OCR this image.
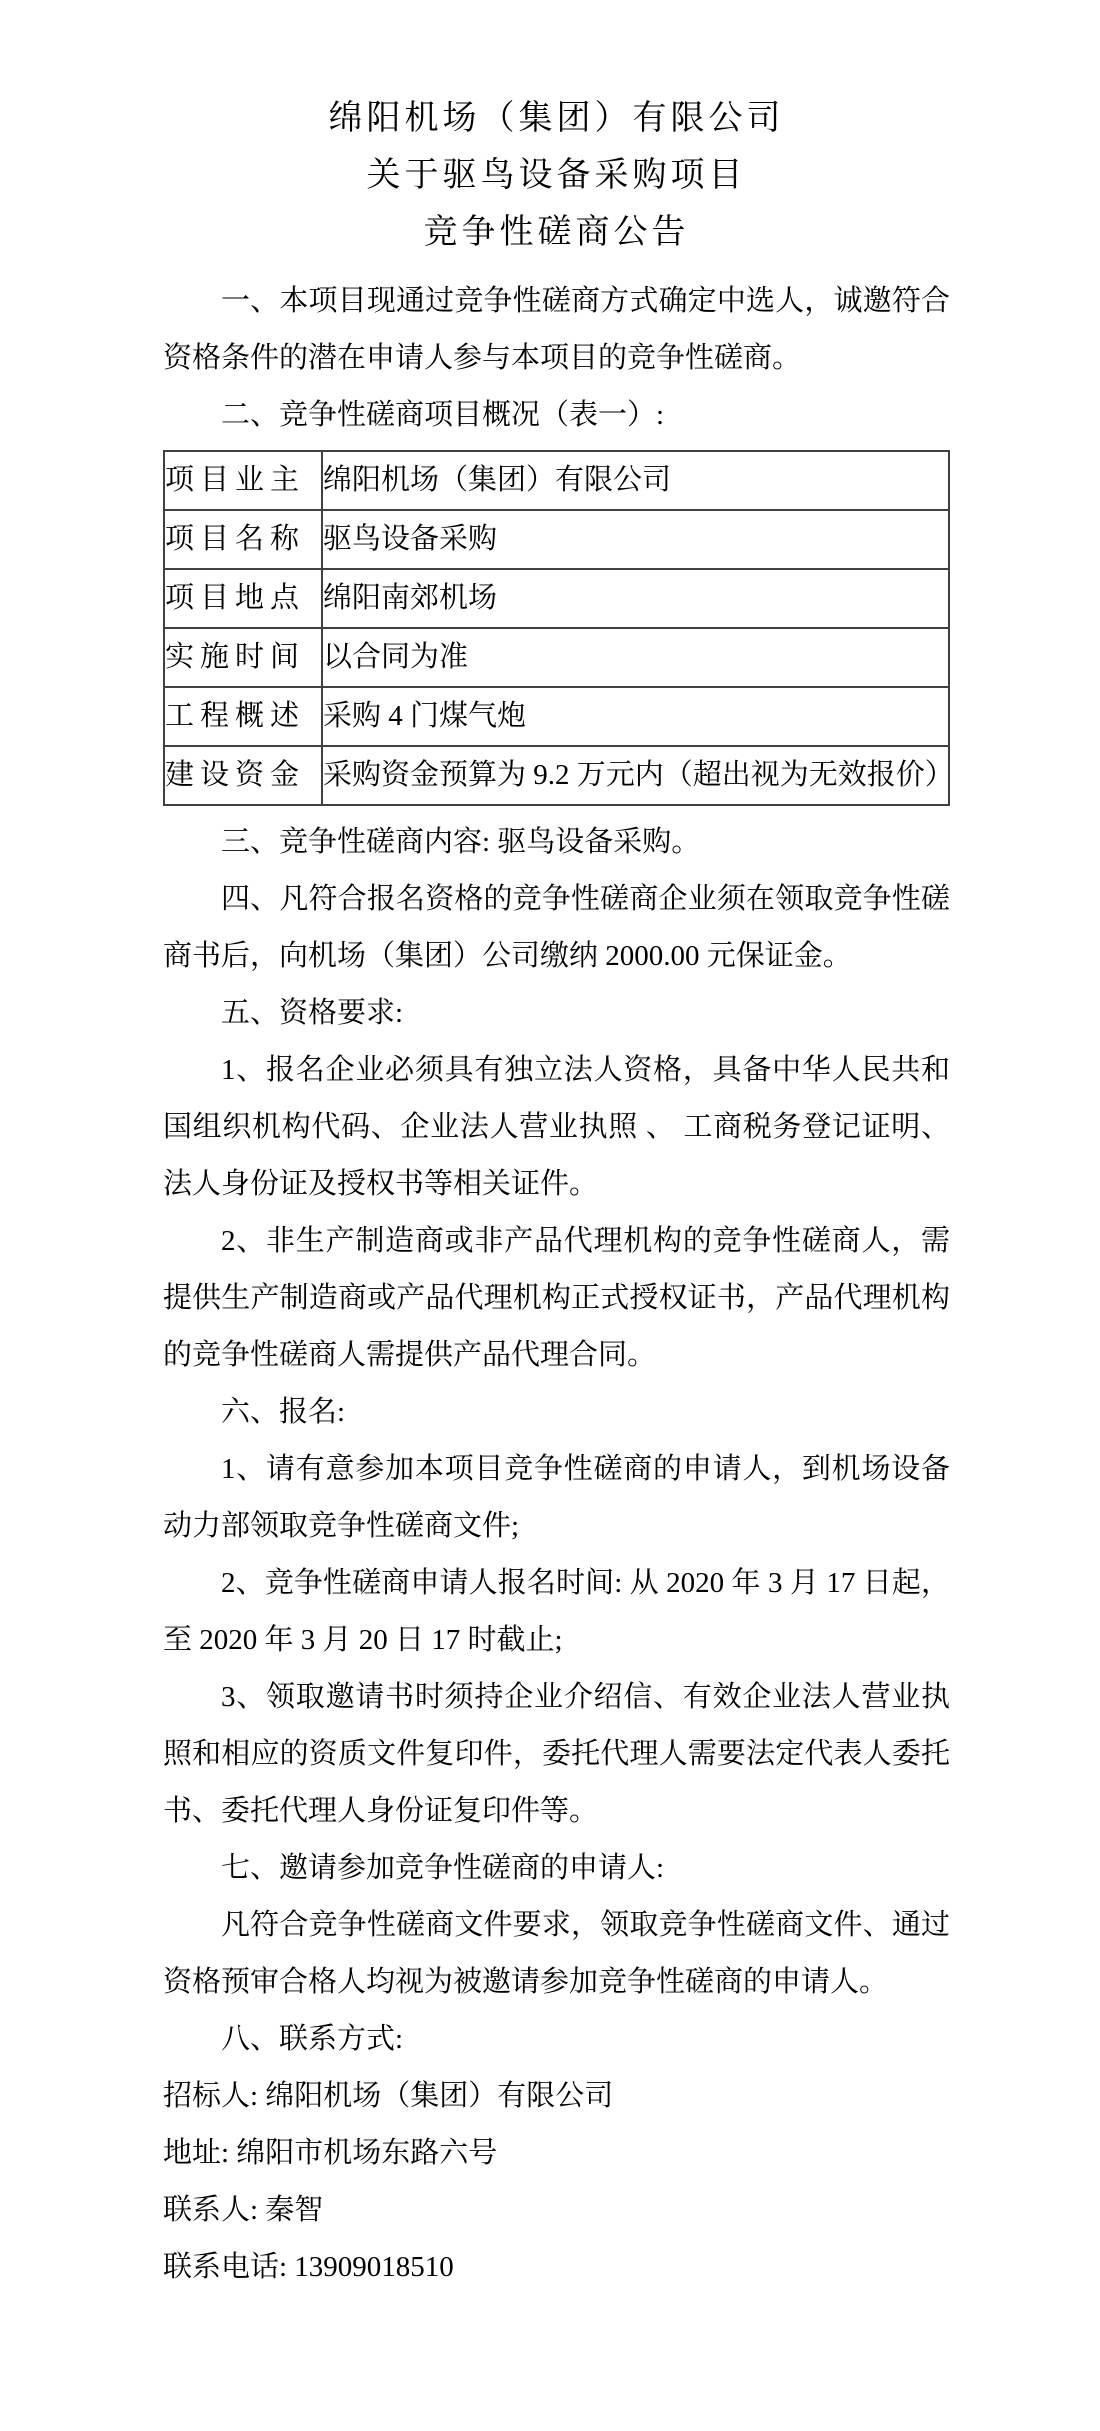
绵阳机场（集团）有限公司

关于驱鸟设备采购项目

竞争性磋商公告

一、本项目现通过竞争性磋商方式确定中选人，诚邀符合资格条件的潜在申请人参与本项目的竞争性磋商。

二、竞争性磋商项目概况（表一）:

项目业主	绵阳机场（集团）有限公司
项目名称	驱鸟设备采购
项目地点	绵阳南郊机场
实施时间	以合同为准
工程概述	采购 4 门煤气炮
建设资金	采购资金预算为 9.2 万元内（超出视为无效报价）

三、竞争性磋商内容: 驱鸟设备采购。

四、凡符合报名资格的竞争性磋商企业须在领取竞争性磋商书后，向机场（集团）公司缴纳 2000.00 元保证金。

五、资格要求:

1、报名企业必须具有独立法人资格，具备中华人民共和国组织机构代码、企业法人营业执照 、 工商税务登记证明、法人身份证及授权书等相关证件。

2、非生产制造商或非产品代理机构的竞争性磋商人，需提供生产制造商或产品代理机构正式授权证书，产品代理机构的竞争性磋商人需提供产品代理合同。

六、报名:

1、请有意参加本项目竞争性磋商的申请人，到机场设备动力部领取竞争性磋商文件;

2、竞争性磋商申请人报名时间: 从 2020 年 3 月 17 日起，至 2020 年 3 月 20 日 17 时截止;

3、领取邀请书时须持企业介绍信、有效企业法人营业执照和相应的资质文件复印件，委托代理人需要法定代表人委托书、委托代理人身份证复印件等。

七、邀请参加竞争性磋商的申请人:

凡符合竞争性磋商文件要求，领取竞争性磋商文件、通过资格预审合格人均视为被邀请参加竞争性磋商的申请人。

八、联系方式:

招标人: 绵阳机场（集团）有限公司

地址: 绵阳市机场东路六号

联系人: 秦智

联系电话: 13909018510
